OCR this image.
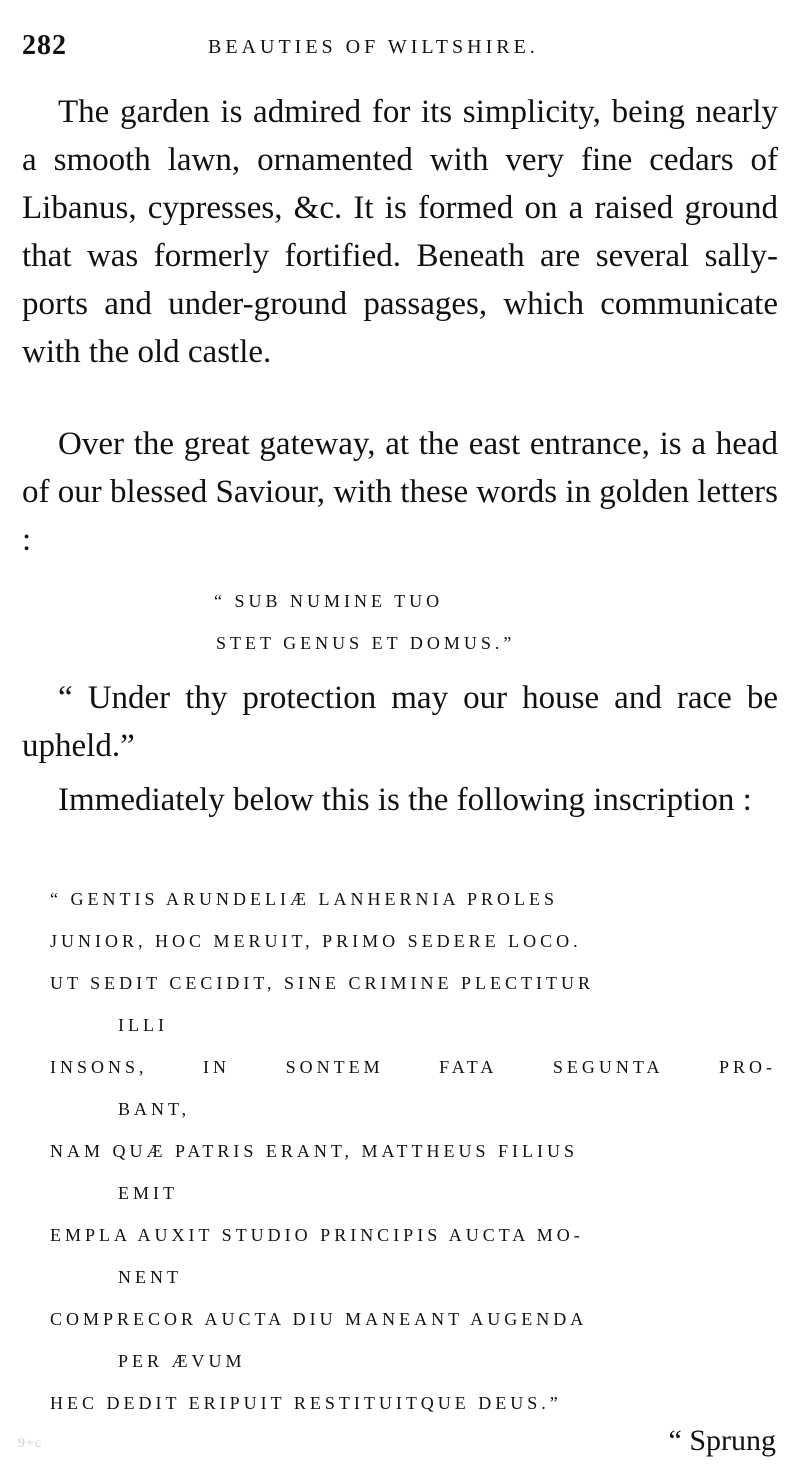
282	BEAUTIES OF WILTSHIRE.
The garden is admired for its simplicity, being nearly a smooth lawn, ornamented with very fine cedars of Libanus, cypresses, &c. It is formed on a raised ground that was formerly fortified. Beneath are several sally-ports and under-ground passages, which communicate with the old castle.
Over the great gateway, at the east entrance, is a head of our blessed Saviour, with these words in golden letters :
“ SUB NUMINE TUO
STET GENUS ET DOMUS.”
“ Under thy protection may our house and race be upheld.”
Immediately below this is the following inscription :
“ GENTIS ARUNDELIÆ LANHERNIA PROLES
JUNIOR, HOC MERUIT, PRIMO SEDERE LOCO.
UT SEDIT CECIDIT, SINE CRIMINE PLECTITUR
ILLI
INSONS,	IN	SONTEM	FATA	SEGUNTA	PRO-
BANT,
NAM QUÆ PATRIS ERANT, MATTHEUS FILIUS
EMIT
EMPLA AUXIT STUDIO PRINCIPIS AUCTA MO-
NENT
COMPRECOR AUCTA DIU MANEANT AUGENDA
PER ÆVUM
HEC DEDIT ERIPUIT RESTITUITQUE DEUS.”
9+c	“ Sprung
